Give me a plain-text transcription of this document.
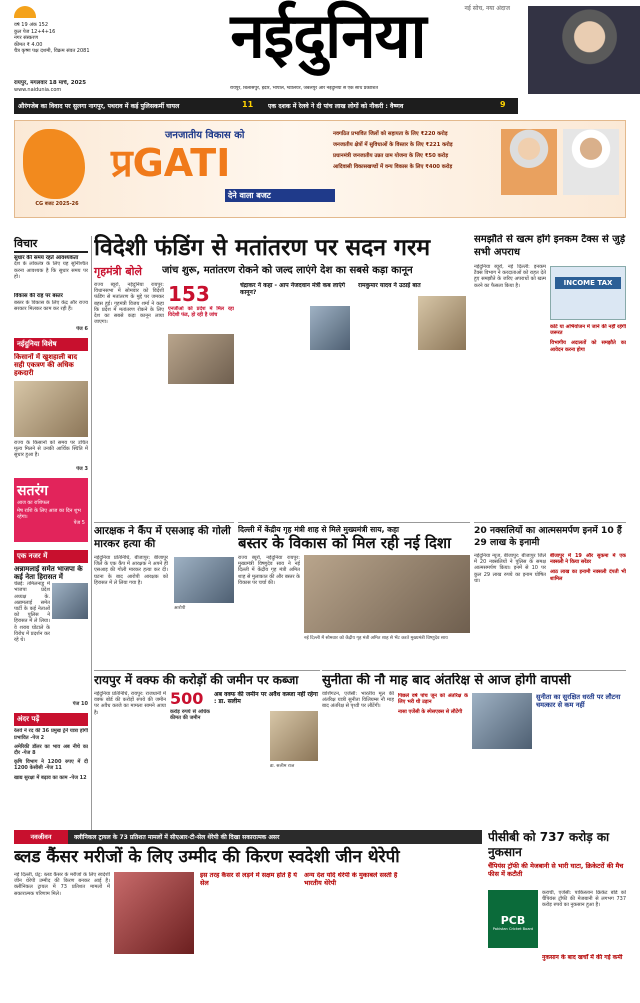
वर्ष 19 अंक 152
कुल पेज 12+4+16
नगर संस्करण
कीमत ₹ 4.00
चैत्र कृष्ण पक्ष दशमी, विक्रम संवत 2081	नईदुनिया	नई सोच, नया अंदाज
रायपुर, मंगलवार 18 मार्च, 2025
www.naidunia.com	रायपुर, बिलासपुर, इंदौर, भोपाल, ग्वालियर, जबलपुर और नईदुनिया से एक साथ प्रकाशित
औरंगजेब का विवाद पर सुलगा नागपुर, पथराव में कई पुलिसकर्मी घायल	11	एक दशक में रेलवे ने दी पांच लाख लोगों को नौकरी : वैष्णव	9
CG बजट 2025-26
जनजातीय विकास को
प्रGATI
देने वाला बजट
नवगठित प्रभावित जिलों को सहायता के लिए ₹220 करोड़
जनजातीय क्षेत्रों में सुविधाओं के विस्तार के लिए ₹221 करोड़
प्रधानमंत्री जनजातीय उन्नत ग्राम योजना के लिए ₹50 करोड़
आदिवासी विकासखण्डों में वन्य विकास के लिए ₹400 करोड़
विचार
सुधार की समय रहते आवश्यकता
देश के लोकतंत्र के लिए यह सुनिश्चित करना आवश्यक है कि सुधार समय पर हो।
विकास की राह पर बस्तर
बस्तर के विकास के लिए केंद्र और राज्य सरकार मिलकर काम कर रही हैं।
पेज 6
नईदुनिया विशेष
किसानों में खुशहाली बाद सही एकत्रण की अधिक हकदारी
राज्य के किसानों को समय पर उचित मूल्य मिलने से उनकी आर्थिक स्थिति में सुधार हुआ है।
पेज 3
सतरंग
आज का राशिफल
मेष राशि के लिए आज का दिन शुभ रहेगा।
पेज 5
एक नजर में
अन्नामलाई समेत भाजपा के कई नेता हिरासत में
चेन्नई: तमिलनाडु में भाजपा प्रदेश अध्यक्ष के. अन्नामलाई समेत पार्टी के कई नेताओं को पुलिस ने हिरासत में ले लिया। वे शराब घोटाले के विरोध में प्रदर्शन कर रहे थे।
पेज 10
अंदर पढ़ें
रेलवे ने रद की 36 प्रमुख ट्रेनें यात्रा होगी प्रभावित -पेज 2
अमेरिकी डॉलर का भाव अब नीचे का दौर -पेज 8
कृषि विभाग ने 1200 रुपए में दी 1200 केसीसी -पेज 11
खाद्य सुरक्षा में बढ़ाव का काम -पेज 12
विदेशी फंडिंग से मतांतरण पर सदन गरम
गृहमंत्री बोले	जांच शुरू, मतांतरण रोकने को जल्द लाएंगे देश का सबसे कड़ा कानून
राज्य ब्यूरो, नईदुनिया रायपुर: विधानसभा में सोमवार को विदेशी फंडिंग से मतांतरण के मुद्दे पर जमकर बहस हुई। गृहमंत्री विजय शर्मा ने कहा कि प्रदेश में मतांतरण रोकने के लिए देश का सबसे कड़ा कानून लाया जाएगा।
153
एनजीओ को प्रदेश में मिल रहा विदेशी फंड, हो रही है जांच
चंद्राकर ने कहा - आप नेजदवान मंत्री कब लाएंगे कानून?
रामकुमार यादव ने उठाई बात
समझौते से खत्म होंगे इनकम टैक्स से जुड़े सभी अपराध
नईदुनिया ब्यूरो, नई दिल्ली: इनकम टैक्स विभाग ने करदाताओं को राहत देते हुए समझौते के जरिए अपराधों को खत्म करने का फैसला किया है।	INCOME TAX
कोर्ट या अभियोजन में जाने की नहीं रहेगी जरूरत
विभागीय अदालतों को समझौते का आवेदन करना होगा
आरक्षक ने कैंप में एसआइ की गोली मारकर हत्या की
नईदुनिया प्रतिनिधि, बीजापुर: बीजापुर जिले के एक कैंप में आरक्षक ने अपने ही एसआइ की गोली मारकर हत्या कर दी। घटना के बाद आरोपी आरक्षक को हिरासत में ले लिया गया है।
आरोपी
दिल्ली में केंद्रीय गृह मंत्री शाह से मिले मुख्यमंत्री साय, कहा
बस्तर के विकास को मिल रही नई दिशा
राज्य ब्यूरो, नईदुनिया रायपुर: मुख्यमंत्री विष्णुदेव साय ने नई दिल्ली में केंद्रीय गृह मंत्री अमित शाह से मुलाकात की और बस्तर के विकास पर चर्चा की।
नई दिल्ली में सोमवार को केंद्रीय गृह मंत्री अमित शाह से भेंट करते मुख्यमंत्री विष्णुदेव साय
20 नक्सलियों का आत्मसमर्पण इनमें 10 हैं 29 लाख के इनामी
नईदुनिया न्यूज, बीजापुर: बीजापुर जिले में 20 नक्सलियों ने पुलिस के समक्ष आत्मसमर्पण किया। इनमें से 10 पर कुल 29 लाख रुपये का इनाम घोषित था।
बीजापुर में 19 और सुकमा में एक नक्सली ने किया सरेंडर
आठ लाख का इनामी नक्सली दंपती भी शामिल
रायपुर में वक्फ की करोड़ों की जमीन पर कब्जा
नईदुनिया प्रतिनिधि, रायपुर: राजधानी में वक्फ बोर्ड की करोड़ों रुपये की जमीन पर अवैध कब्जे का मामला सामने आया है।
500
करोड़ रुपये से अधिक कीमत की जमीन
अब वक्फ की जमीन पर अवैध कब्जा नहीं रहेगा : डा. सलीम
डा. सलीम राज
सुनीता की नौ माह बाद अंतरिक्ष से आज होगी वापसी
वाशिंगटन, एजेंसी: भारतीय मूल की अंतरिक्ष यात्री सुनीता विलियम्स नौ माह बाद अंतरिक्ष से पृथ्वी पर लौटेंगी।
पिछले वर्ष पांच जून को अंतरिक्ष के लिए भरी थी उड़ान
नासा एजेंसी के स्पेसएक्स से लौटेंगी
सुनीता का सुरक्षित धरती पर लौटना चमत्कार से कम नहीं
नवजीवन	क्लीनिकल ट्रायल के 73 प्रतिशत मामलों में सीएआर-टी-सेल थेरेपी की दिखा सकारात्मक असर
ब्लड कैंसर मरीजों के लिए उम्मीद की किरण स्वदेशी जीन थेरेपी
नई दिल्ली, प्रेट्र: ब्लड कैंसर के मरीजों के लिए स्वदेशी जीन थेरेपी उम्मीद की किरण बनकर आई है। क्लीनिकल ट्रायल में 73 प्रतिशत मामलों में सकारात्मक परिणाम मिले।
इस तरह कैंसर से लड़ने में सक्षम होते हैं ये सेल
अन्य देश यदि थेरेपी के मुकाबले सस्ती है भारतीय थेरेपी
पीसीबी को 737 करोड़ का नुकसान
चैंपियंस ट्रॉफी की मेजबानी से भारी घाटा, क्रिकेटरों की मैच फीस में कटौती
PCB
Pakistan Cricket Board
कराची, एजेंसी: पाकिस्तान क्रिकेट बोर्ड को चैंपियंस ट्रॉफी की मेजबानी से लगभग 737 करोड़ रुपये का नुकसान हुआ है।
नुकसान के बाद खर्चों में की गई कमी
